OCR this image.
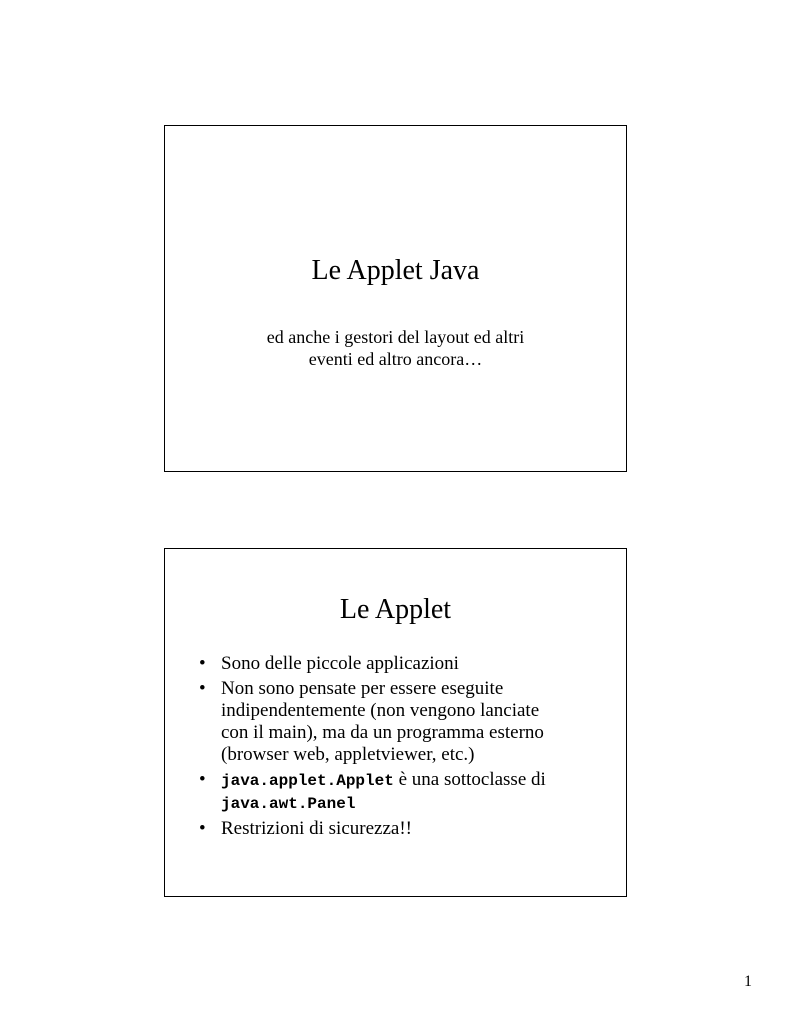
Le Applet Java
ed anche i gestori del layout ed altri
eventi ed altro ancora…
Le Applet
• Sono delle piccole applicazioni
• Non sono pensate per essere eseguite
indipendentemente (non vengono lanciate
con il main), ma da un programma esterno
(browser web, appletviewer, etc.)
• java.applet.Applet è una sottoclasse di
java.awt.Panel
• Restrizioni di sicurezza!!
1
